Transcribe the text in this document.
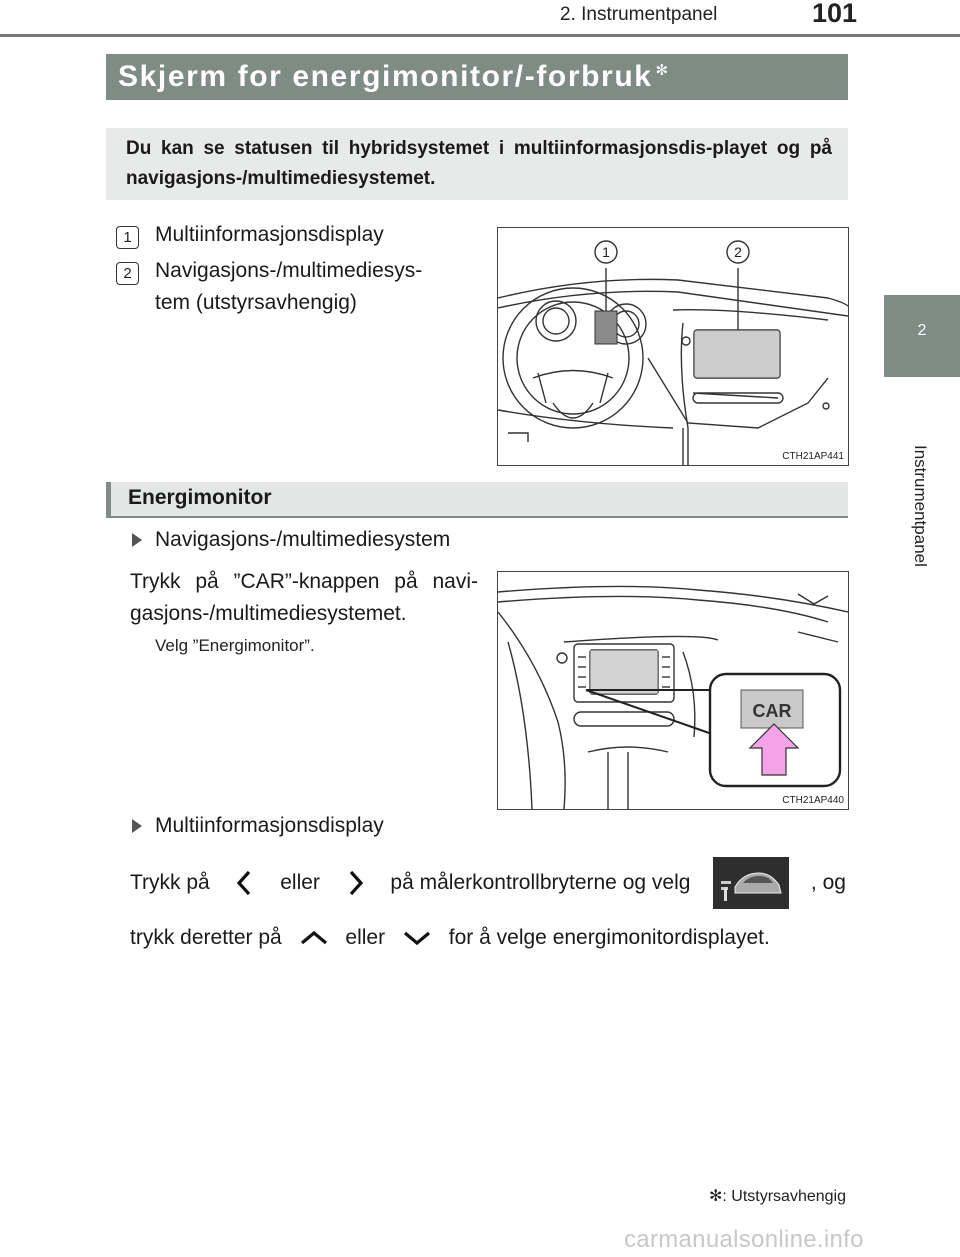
2. Instrumentpanel	101
2
Instrumentpanel
Skjerm for energimonitor/-forbruk ✻
Du kan se statusen til hybridsystemet i multiinformasjonsdis-playet og på navigasjons-/multimediesystemet.
1	Multiinformasjonsdisplay
2	Navigasjons-/multimediesys-
tem (utstyrsavhengig)
1	2
CTH21AP441
Energimonitor
Navigasjons-/multimediesystem
Trykk på ”CAR”-knappen på navi-gasjons-/multimediesystemet.
Velg ”Energimonitor”.
CAR
CTH21AP440
Multiinformasjonsdisplay
Trykk på	eller	på målerkontrollbryterne og velg	, og
trykk deretter på	eller	for å velge energimonitordisplayet.
✻: Utstyrsavhengig
carmanualsonline.info
